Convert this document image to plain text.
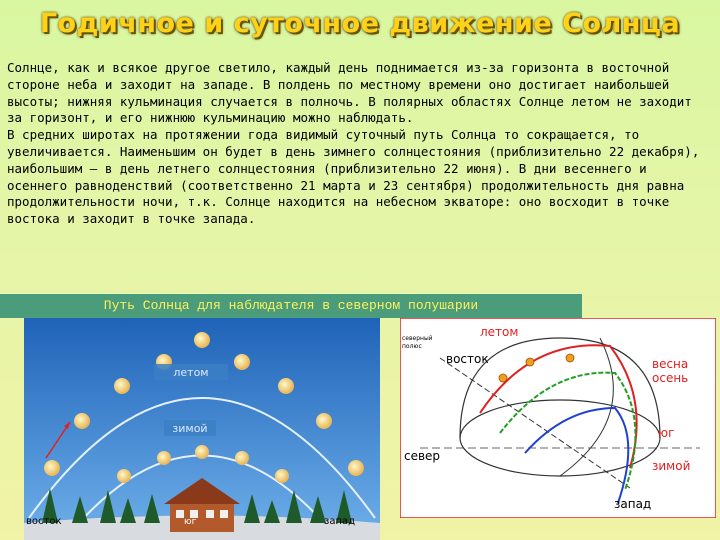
Годичное и суточное движение Солнца

Солнце, как и всякое другое светило, каждый день поднимается из-за горизонта в восточной стороне неба и заходит на западе. В полдень по местному времени оно достигает наибольшей высоты; нижняя кульминация случается в полночь. В полярных областях Солнце летом не заходит за горизонт, и его нижнюю кульминацию можно наблюдать.

В средних широтах на протяжении года видимый суточный путь Солнца то сокращается, то увеличивается. Наименьшим он будет в день зимнего солнцестояния (приблизительно 22 декабря), наибольшим – в день летнего солнцестояния (приблизительно 22 июня). В дни весеннего и осеннего равноденствий (соответственно 21 марта и 23 сентября) продолжительность дня равна продолжительности ночи, т.к. Солнце находится на небесном экваторе: оно восходит в точке востока и заходит в точке запада.

Путь Солнца для наблюдателя в северном полушарии
летом
зимой
восток	юг	запад
северный
полюс
летом
восток	весна
осень
юг
север
зимой
запад
